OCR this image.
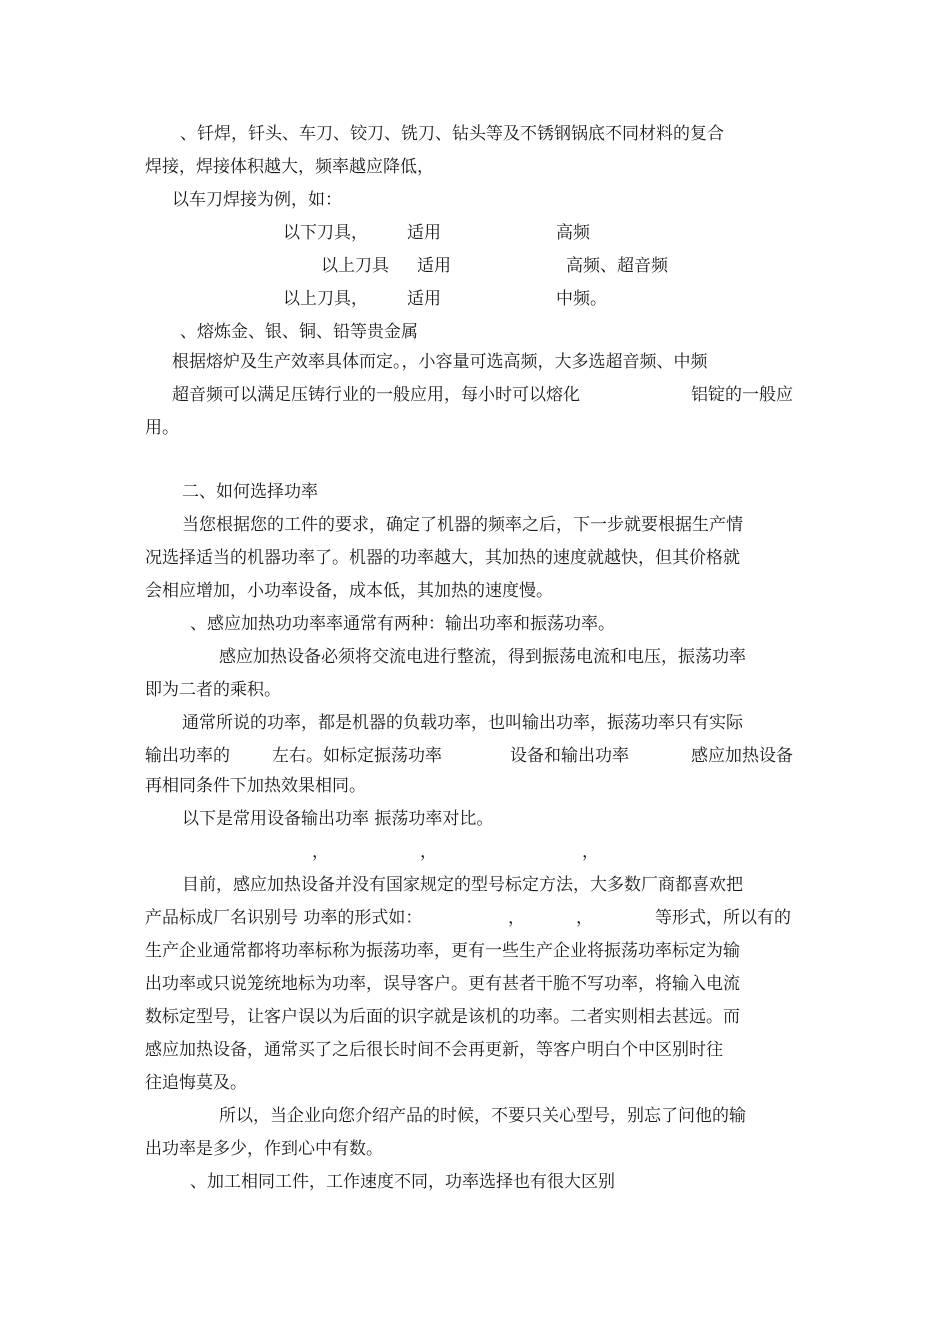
、钎焊，钎头、车刀、铰刀、铣刀、钻头等及不锈钢锅底不同材料的复合
焊接，焊接体积越大，频率越应降低，
以车刀焊接为例，如：
以下刀具， 适用	高频
以上刀具 适用	高频、超音频
以上刀具， 适用	中频。
、熔炼金、银、铜、铅等贵金属
根据熔炉及生产效率具体而定。，小容量可选高频，大多选超音频、中频
超音频可以满足压铸行业的一般应用，每小时可以熔化	铝锭的一般应
用。
二、如何选择功率
当您根据您的工件的要求，确定了机器的频率之后，下一步就要根据生产情
况选择适当的机器功率了。机器的功率越大，其加热的速度就越快，但其价格就
会相应增加，小功率设备，成本低，其加热的速度慢。
、感应加热功功率率通常有两种：输出功率和振荡功率。
感应加热设备必须将交流电进行整流，得到振荡电流和电压，振荡功率
即为二者的乘积。
通常所说的功率，都是机器的负载功率，也叫输出功率，振荡功率只有实际
输出功率的 左右。如标定振荡功率	设备和输出功率	感应加热设备
再相同条件下加热效果相同。
以下是常用设备输出功率 振荡功率对比。
，	，	，
目前，感应加热设备并没有国家规定的型号标定方法，大多数厂商都喜欢把
产品标成厂名识别号 功率的形式如：	，	，	等形式，所以有的
生产企业通常都将功率标称为振荡功率，更有一些生产企业将振荡功率标定为输
出功率或只说笼统地标为功率，误导客户。更有甚者干脆不写功率，将输入电流
数标定型号，让客户误以为后面的识字就是该机的功率。二者实则相去甚远。而
感应加热设备，通常买了之后很长时间不会再更新，等客户明白个中区别时往
往追悔莫及。
所以，当企业向您介绍产品的时候，不要只关心型号，别忘了问他的输
出功率是多少，作到心中有数。
、加工相同工件，工作速度不同，功率选择也有很大区别
